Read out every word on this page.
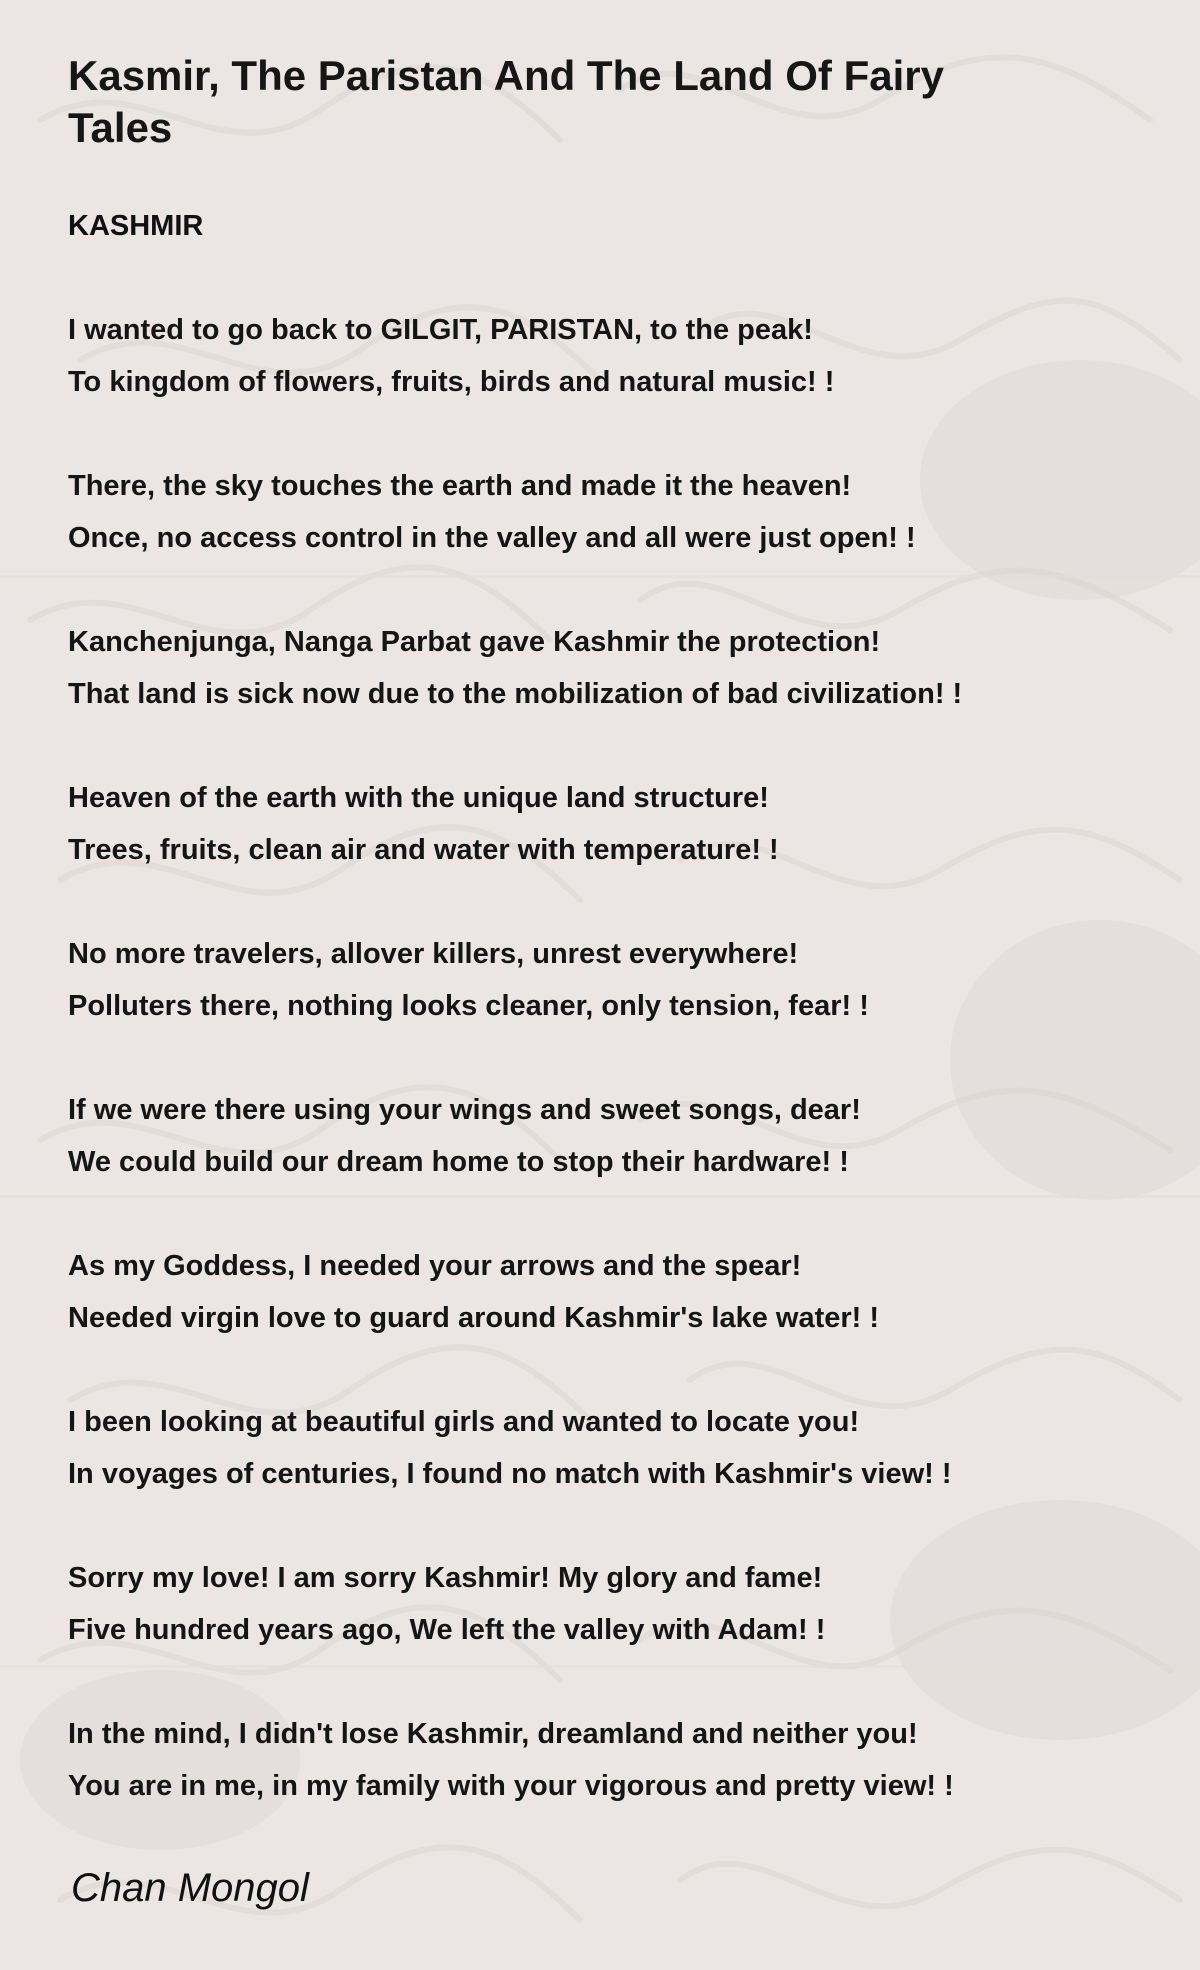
Kasmir, The Paristan And The Land Of Fairy Tales
KASHMIR
I wanted to go back to GILGIT, PARISTAN, to the peak!
To kingdom of flowers, fruits, birds and natural music! !
There, the sky touches the earth and made it the heaven!
Once, no access control in the valley and all were just open! !
Kanchenjunga, Nanga Parbat gave Kashmir the protection!
That land is sick now due to the mobilization of bad civilization! !
Heaven of the earth with the unique land structure!
Trees, fruits, clean air and water with temperature! !
No more travelers, allover killers, unrest everywhere!
Polluters there, nothing looks cleaner, only tension, fear! !
If we were there using your wings and sweet songs, dear!
We could build our dream home to stop their hardware! !
As my Goddess, I needed your arrows and the spear!
Needed virgin love to guard around Kashmir's lake water! !
I been looking at beautiful girls and wanted to locate you!
In voyages of centuries, I found no match with Kashmir's view! !
Sorry my love! I am sorry Kashmir! My glory and fame!
Five hundred years ago, We left the valley with Adam! !
In the mind, I didn't lose Kashmir, dreamland and neither you!
You are in me, in my family with your vigorous and pretty view! !
Chan Mongol
